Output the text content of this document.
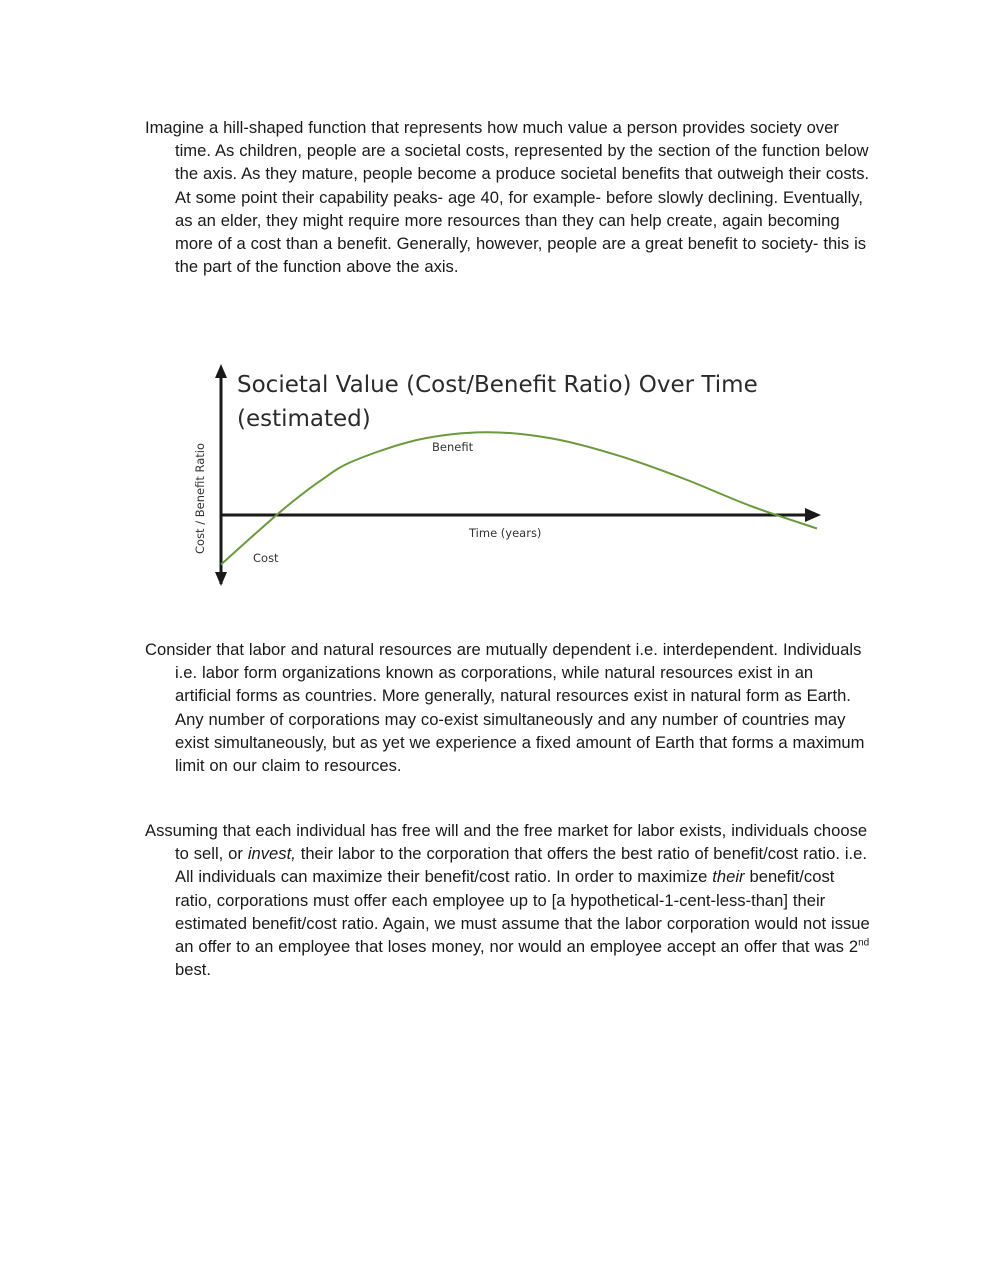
Imagine a hill-shaped function that represents how much value a person provides society over time. As children, people are a societal costs, represented by the section of the function below the axis. As they mature, people become a produce societal benefits that outweigh their costs. At some point their capability peaks- age 40, for example- before slowly declining. Eventually, as an elder, they might require more resources than they can help create, again becoming more of a cost than a benefit. Generally, however, people are a great benefit to society- this is the part of the function above the axis.

Societal Value (Cost/Benefit Ratio) Over Time
(estimated)
Cost / Benefit Ratio	Time (years)
Benefit
Cost

Consider that labor and natural resources are mutually dependent i.e. interdependent. Individuals i.e. labor form organizations known as corporations, while natural resources exist in an artificial forms as countries. More generally, natural resources exist in natural form as Earth. Any number of corporations may co-exist simultaneously and any number of countries may exist simultaneously, but as yet we experience a fixed amount of Earth that forms a maximum limit on our claim to resources.

Assuming that each individual has free will and the free market for labor exists, individuals choose to sell, or invest, their labor to the corporation that offers the best ratio of benefit/cost ratio. i.e. All individuals can maximize their benefit/cost ratio. In order to maximize their benefit/cost ratio, corporations must offer each employee up to [a hypothetical-1-cent-less-than] their estimated benefit/cost ratio. Again, we must assume that the labor corporation would not issue an offer to an employee that loses money, nor would an employee accept an offer that was 2nd best.
